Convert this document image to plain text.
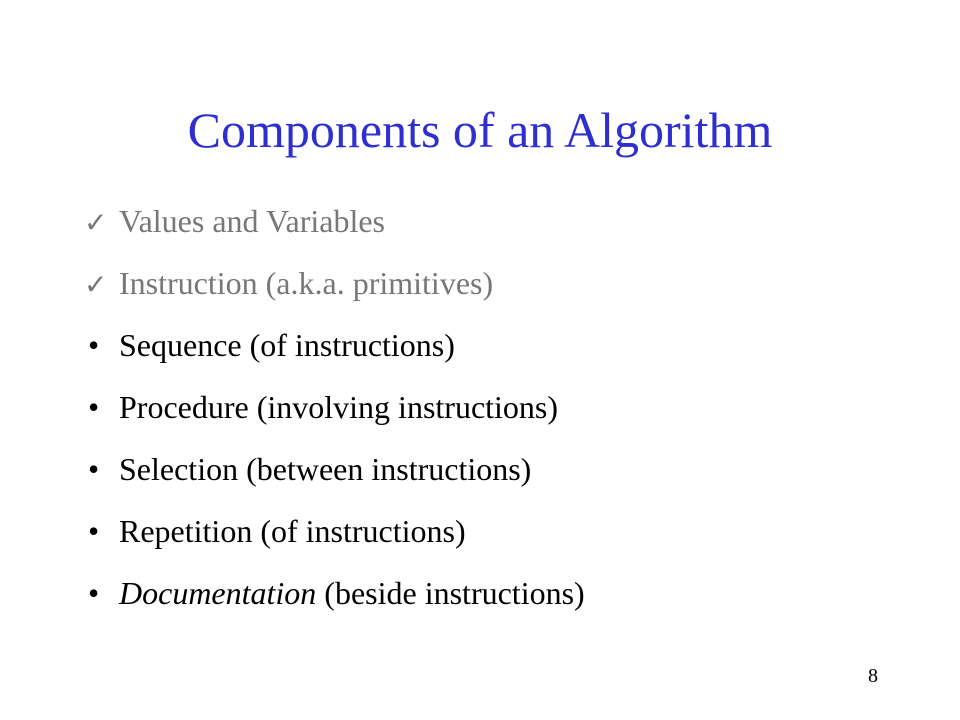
Components of an Algorithm
✓ Values and Variables
✓ Instruction (a.k.a. primitives)
• Sequence (of instructions)
• Procedure (involving instructions)
• Selection (between instructions)
• Repetition (of instructions)
• Documentation (beside instructions)
8
